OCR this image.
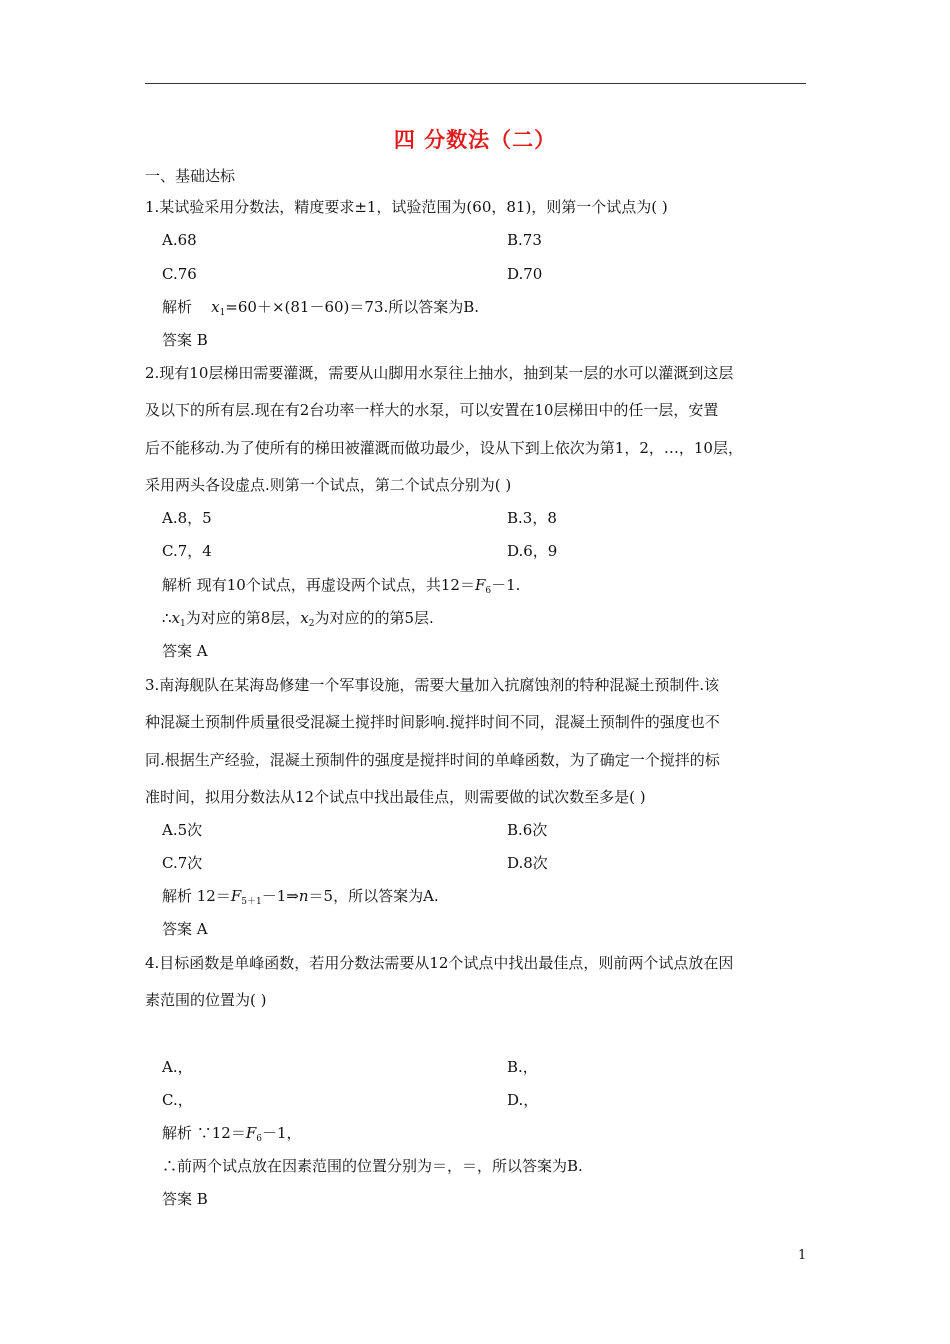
四 分数法（二）
一、基础达标
1.某试验采用分数法，精度要求±1，试验范围为(60，81)，则第一个试点为( )
A.68	B.73
C.76	D.70
解析 $x_1=60+\times(81-60)=73$.所以答案为B.
答案 B
2.现有10层梯田需要灌溉，需要从山脚用水泵往上抽水，抽到某一层的水可以灌溉到这层
及以下的所有层.现在有2台功率一样大的水泵，可以安置在10层梯田中的任一层，安置
后不能移动.为了使所有的梯田被灌溉而做功最少，设从下到上依次为第1，2，…，10层，
采用两头各设虚点.则第一个试点，第二个试点分别为( )
A.8，5	B.3，8
C.7，4	D.6，9
解析 现有10个试点，再虚设两个试点，共$12=F_6-1$.
$\therefore x_1$为对应的第8层，$x_2$为对应的的第5层.
答案 A
3.南海舰队在某海岛修建一个军事设施，需要大量加入抗腐蚀剂的特种混凝土预制件.该
种混凝土预制件质量很受混凝土搅拌时间影响.搅拌时间不同，混凝土预制件的强度也不
同.根据生产经验，混凝土预制件的强度是搅拌时间的单峰函数，为了确定一个搅拌的标
准时间，拟用分数法从12个试点中找出最佳点，则需要做的试次数至多是( )
A.5次	B.6次
C.7次	D.8次
解析 $12=F_{5+1}-1\Rightarrow n=5$，所以答案为A.
答案 A
4.目标函数是单峰函数，若用分数法需要从12个试点中找出最佳点，则前两个试点放在因
素范围的位置为( )
A.，	B.，
C.，	D.，
解析 $\because 12=F_6-1$，
∴前两个试点放在因素范围的位置分别为＝，＝，所以答案为B.
答案 B
1
